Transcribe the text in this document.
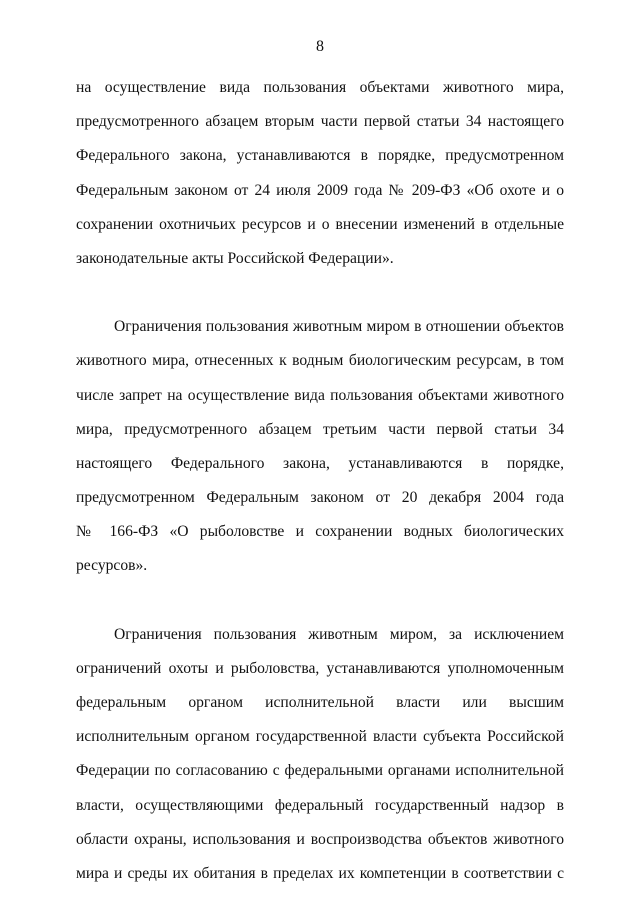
8
на осуществление вида пользования объектами животного мира,
предусмотренного абзацем вторым части первой статьи 34 настоящего
Федерального закона, устанавливаются в порядке, предусмотренном
Федеральным законом от 24 июля 2009 года № 209-ФЗ «Об охоте и о
сохранении охотничьих ресурсов и о внесении изменений в отдельные
законодательные акты Российской Федерации».
Ограничения пользования животным миром в отношении объектов
животного мира, отнесенных к водным биологическим ресурсам, в том
числе запрет на осуществление вида пользования объектами животного
мира, предусмотренного абзацем третьим части первой статьи 34
настоящего Федерального закона, устанавливаются в порядке,
предусмотренном Федеральным законом от 20 декабря 2004 года
№ 166-ФЗ «О рыболовстве и сохранении водных биологических
ресурсов».
Ограничения пользования животным миром, за исключением
ограничений охоты и рыболовства, устанавливаются уполномоченным
федеральным органом исполнительной власти или высшим
исполнительным органом государственной власти субъекта Российской
Федерации по согласованию с федеральными органами исполнительной
власти, осуществляющими федеральный государственный надзор в
области охраны, использования и воспроизводства объектов животного
мира и среды их обитания в пределах их компетенции в соответствии с
